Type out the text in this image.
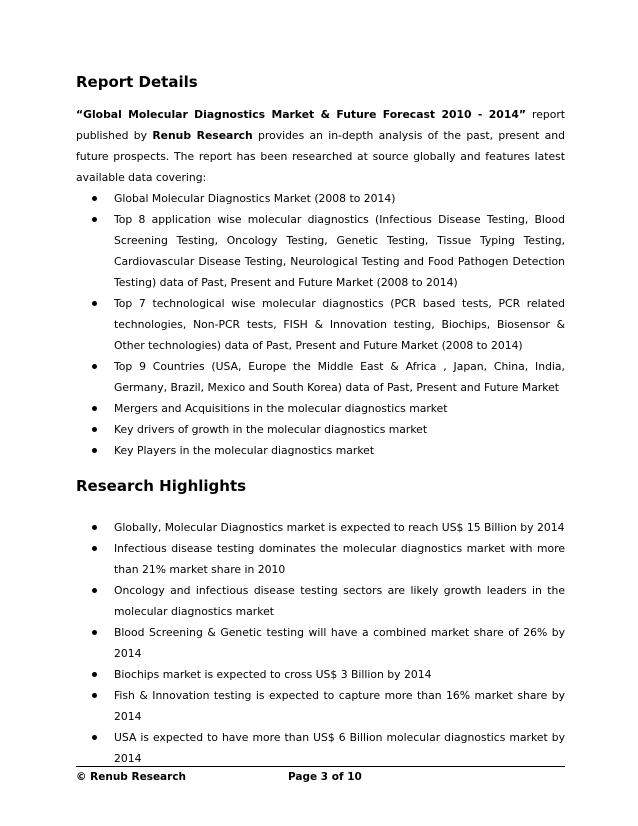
Report Details

“Global Molecular Diagnostics Market & Future Forecast 2010 - 2014” report published by Renub Research provides an in-depth analysis of the past, present and future prospects. The report has been researched at source globally and features latest available data covering:

Global Molecular Diagnostics Market (2008 to 2014)
Top 8 application wise molecular diagnostics (Infectious Disease Testing, Blood Screening Testing, Oncology Testing, Genetic Testing, Tissue Typing Testing, Cardiovascular Disease Testing, Neurological Testing and Food Pathogen Detection Testing) data of Past, Present and Future Market (2008 to 2014)
Top 7 technological wise molecular diagnostics (PCR based tests, PCR related technologies, Non-PCR tests, FISH & Innovation testing, Biochips, Biosensor & Other technologies) data of Past, Present and Future Market (2008 to 2014)
Top 9 Countries (USA, Europe the Middle East & Africa , Japan, China, India, Germany, Brazil, Mexico and South Korea) data of Past, Present and Future Market
Mergers and Acquisitions in the molecular diagnostics market
Key drivers of growth in the molecular diagnostics market
Key Players in the molecular diagnostics market
Research Highlights
Globally, Molecular Diagnostics market is expected to reach US$ 15 Billion by 2014
Infectious disease testing dominates the molecular diagnostics market with more than 21% market share in 2010
Oncology and infectious disease testing sectors are likely growth leaders in the molecular diagnostics market
Blood Screening & Genetic testing will have a combined market share of 26% by 2014
Biochips market is expected to cross US$ 3 Billion by 2014
Fish & Innovation testing is expected to capture more than 16% market share by 2014
USA is expected to have more than US$ 6 Billion molecular diagnostics market by 2014
© Renub Research	Page 3 of 10
